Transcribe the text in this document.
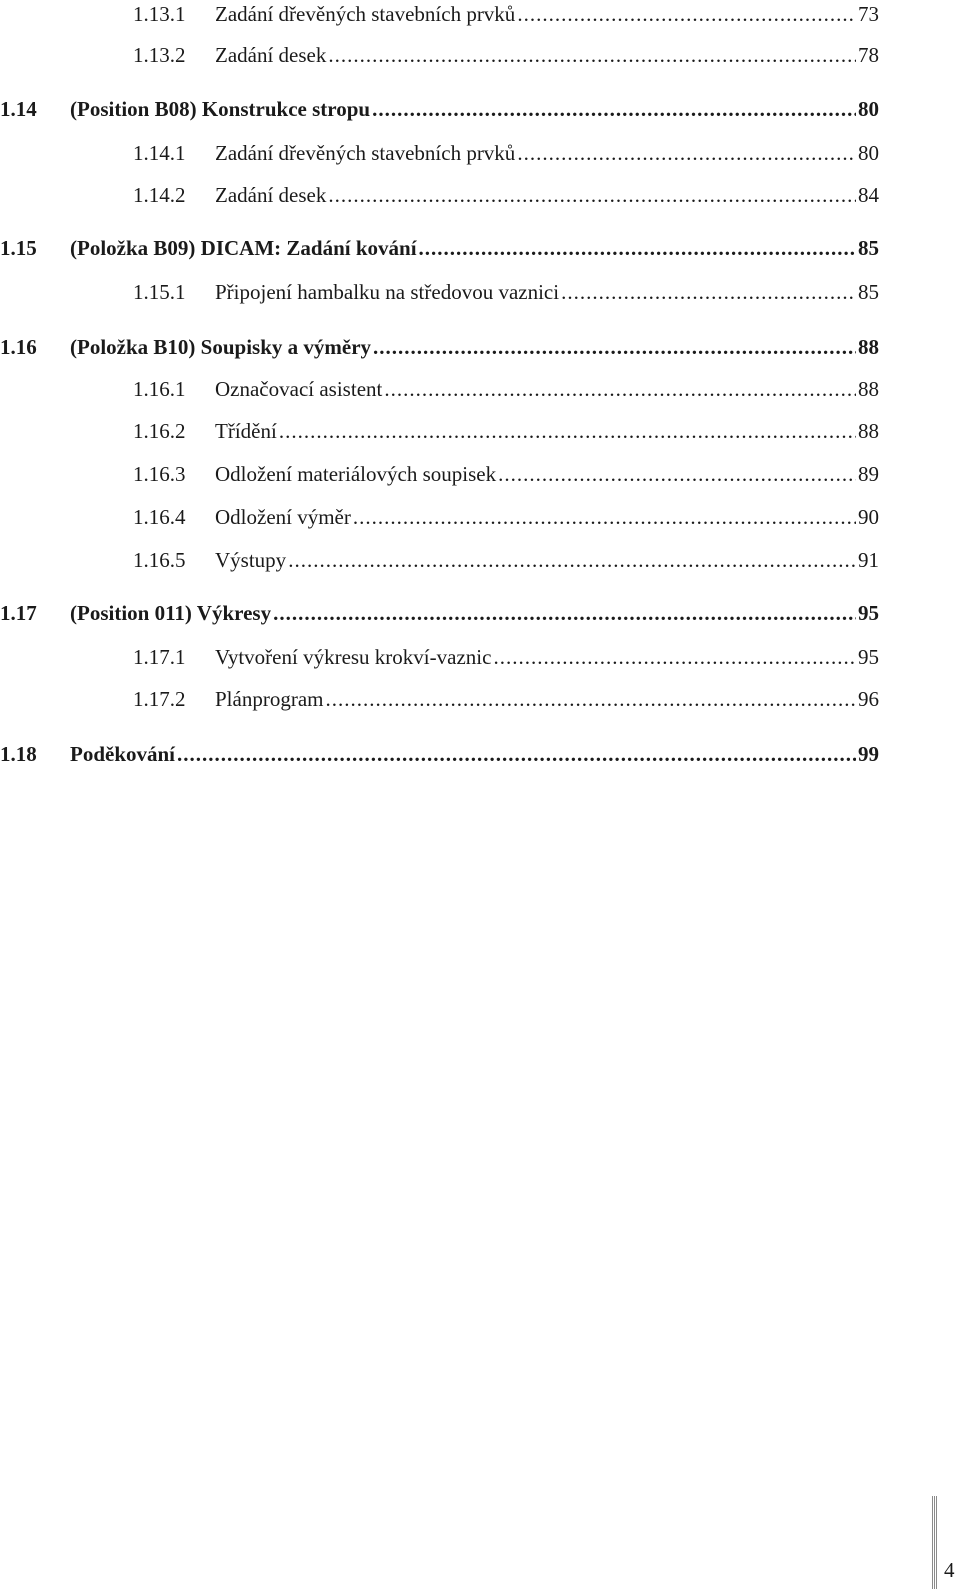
1.13.1	Zadání dřevěných stavebních prvků .....	73
1.13.2	Zadání desek .....	78
1.14	(Position B08) Konstrukce stropu .....	80
1.14.1	Zadání dřevěných stavebních prvků .....	80
1.14.2	Zadání desek .....	84
1.15	(Položka B09) DICAM: Zadání kování .....	85
1.15.1	Připojení hambalku na středovou vaznici .....	85
1.16	(Položka B10) Soupisky a výměry .....	88
1.16.1	Označovací asistent .....	88
1.16.2	Třídění .....	88
1.16.3	Odložení materiálových soupisek .....	89
1.16.4	Odložení výměr .....	90
1.16.5	Výstupy .....	91
1.17	(Position 011) Výkresy .....	95
1.17.1	Vytvoření výkresu krokví-vaznic .....	95
1.17.2	Plánprogram .....	96
1.18	Poděkování .....	99
4
